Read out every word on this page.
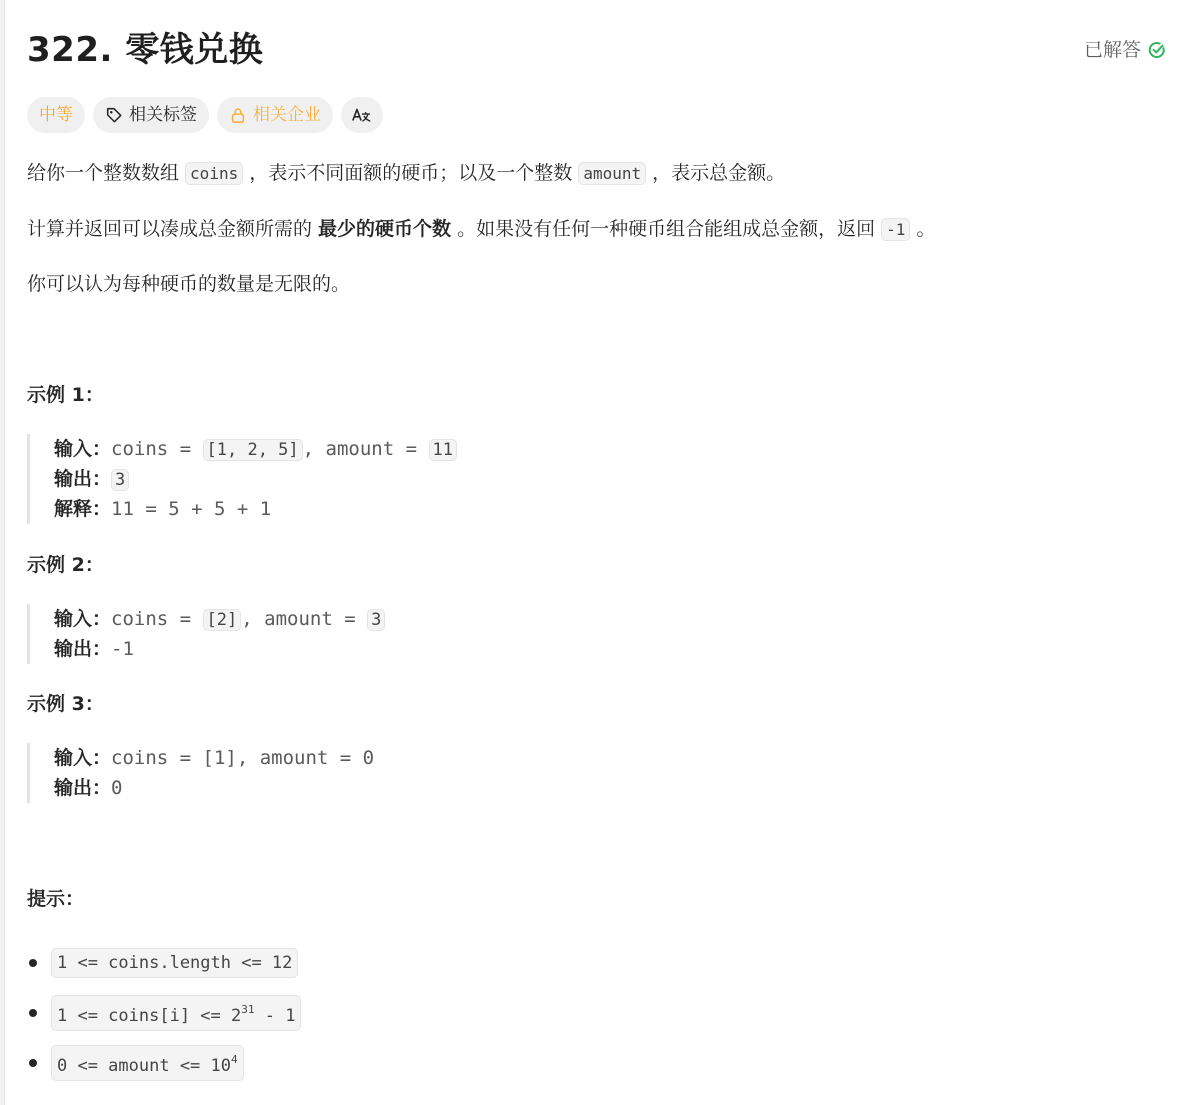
322. 零钱兑换	已解答
中等	相关标签	相关企业
给你一个整数数组 coins ，表示不同面额的硬币；以及一个整数 amount ，表示总金额。
计算并返回可以凑成总金额所需的 最少的硬币个数 。如果没有任何一种硬币组合能组成总金额，返回 -1 。
你可以认为每种硬币的数量是无限的。
示例 1：
输入：coins = [1, 2, 5] , amount = 11
输出： 3
解释：11 = 5 + 5 + 1
示例 2：
输入：coins = [2] , amount = 3
输出：-1
示例 3：
输入：coins = [1], amount = 0
输出：0
提示：
1 <= coins.length <= 12
1 <= coins[i] <= $2^{31} - 1$
0 <= amount <= $10^4$
